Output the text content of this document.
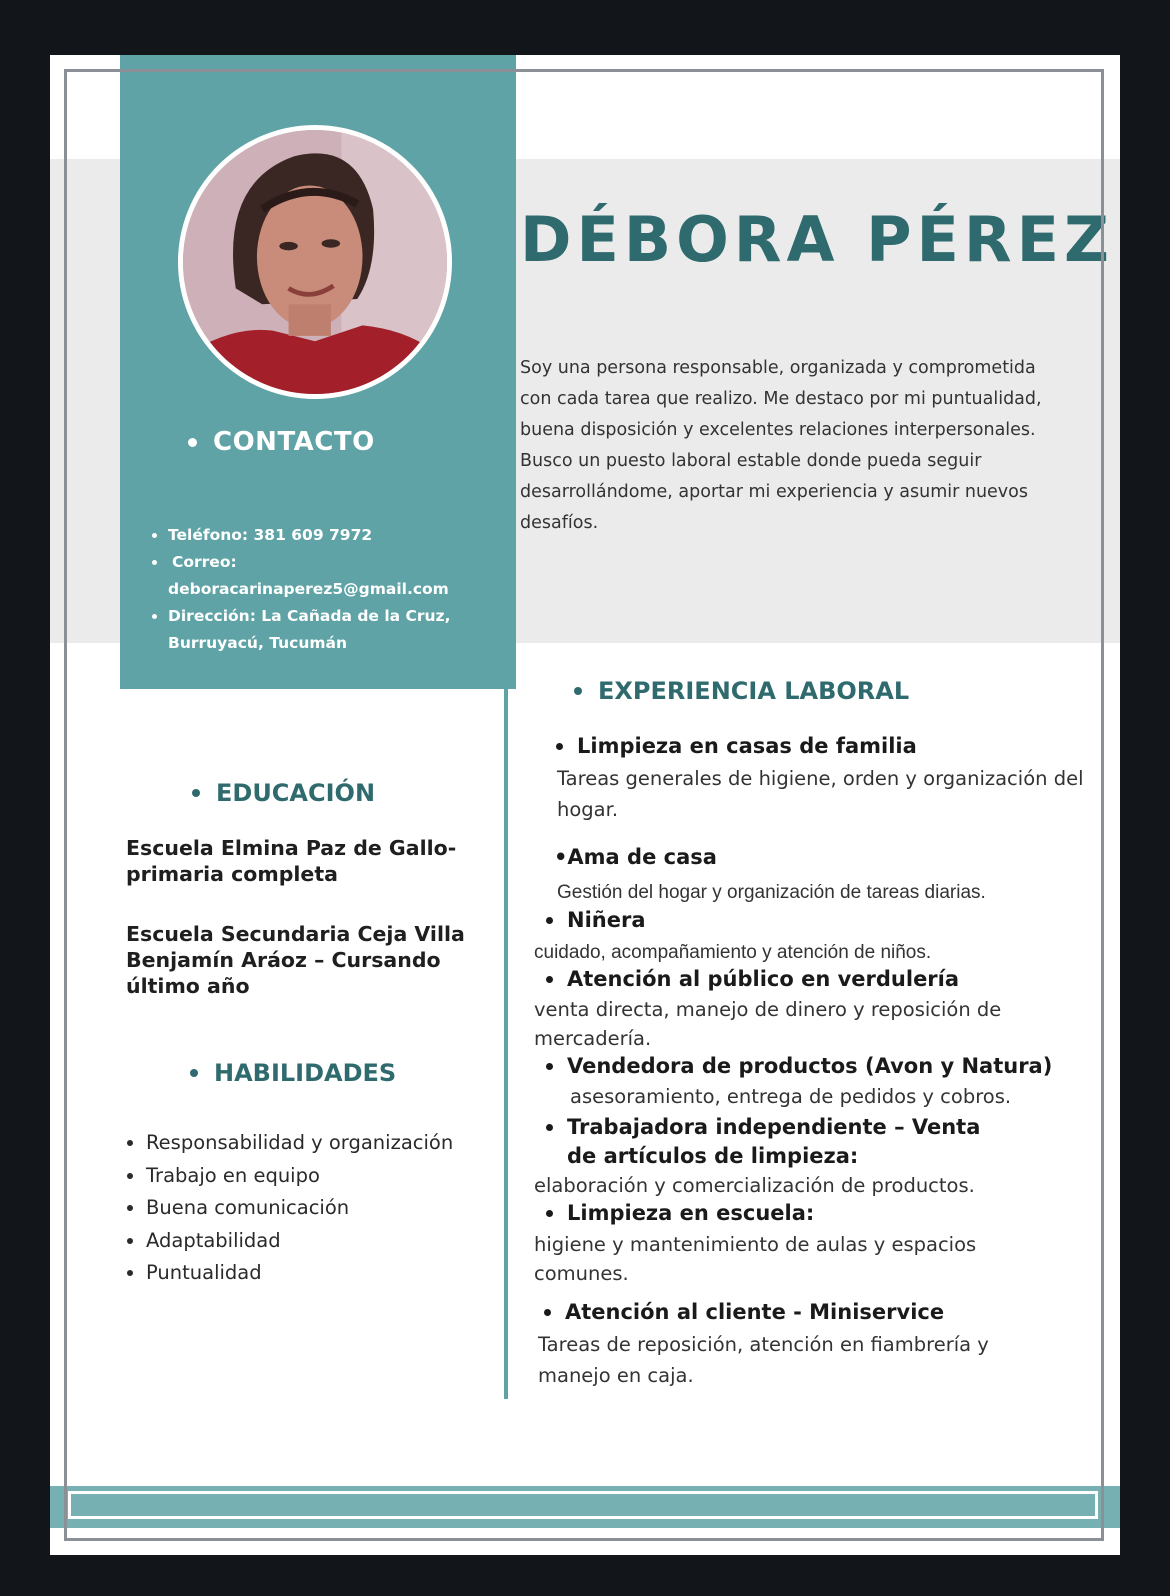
CONTACTO
• Teléfono: 381 609 7972
• Correo:
deboracarinaperez5@gmail.com
• Dirección: La Cañada de la Cruz,
Burruyacú, Tucumán
DÉBORA PÉREZ

Soy una persona responsable, organizada y comprometida con cada tarea que realizo. Me destaco por mi puntualidad, buena disposición y excelentes relaciones interpersonales. Busco un puesto laboral estable donde pueda seguir desarrollándome, aportar mi experiencia y asumir nuevos desafíos.

EDUCACIÓN

Escuela Elmina Paz de Gallo- primaria completa

Escuela Secundaria Ceja Villa Benjamín Aráoz – Cursando último año

HABILIDADES
• Responsabilidad y organización
• Trabajo en equipo
• Buena comunicación
• Adaptabilidad
• Puntualidad
EXPERIENCIA LABORAL
Limpieza en casas de familia

Tareas generales de higiene, orden y organización del hogar.

•Ama de casa

Gestión del hogar y organización de tareas diarias.

Niñera

cuidado, acompañamiento y atención de niños.

Atención al público en verdulería

venta directa, manejo de dinero y reposición de mercadería.

Vendedora de productos (Avon y Natura)

asesoramiento, entrega de pedidos y cobros.

Trabajadora independiente – Venta de artículos de limpieza:

elaboración y comercialización de productos.

Limpieza en escuela:

higiene y mantenimiento de aulas y espacios comunes.

Atención al cliente - Miniservice

Tareas de reposición, atención en fiambrería y manejo en caja.
